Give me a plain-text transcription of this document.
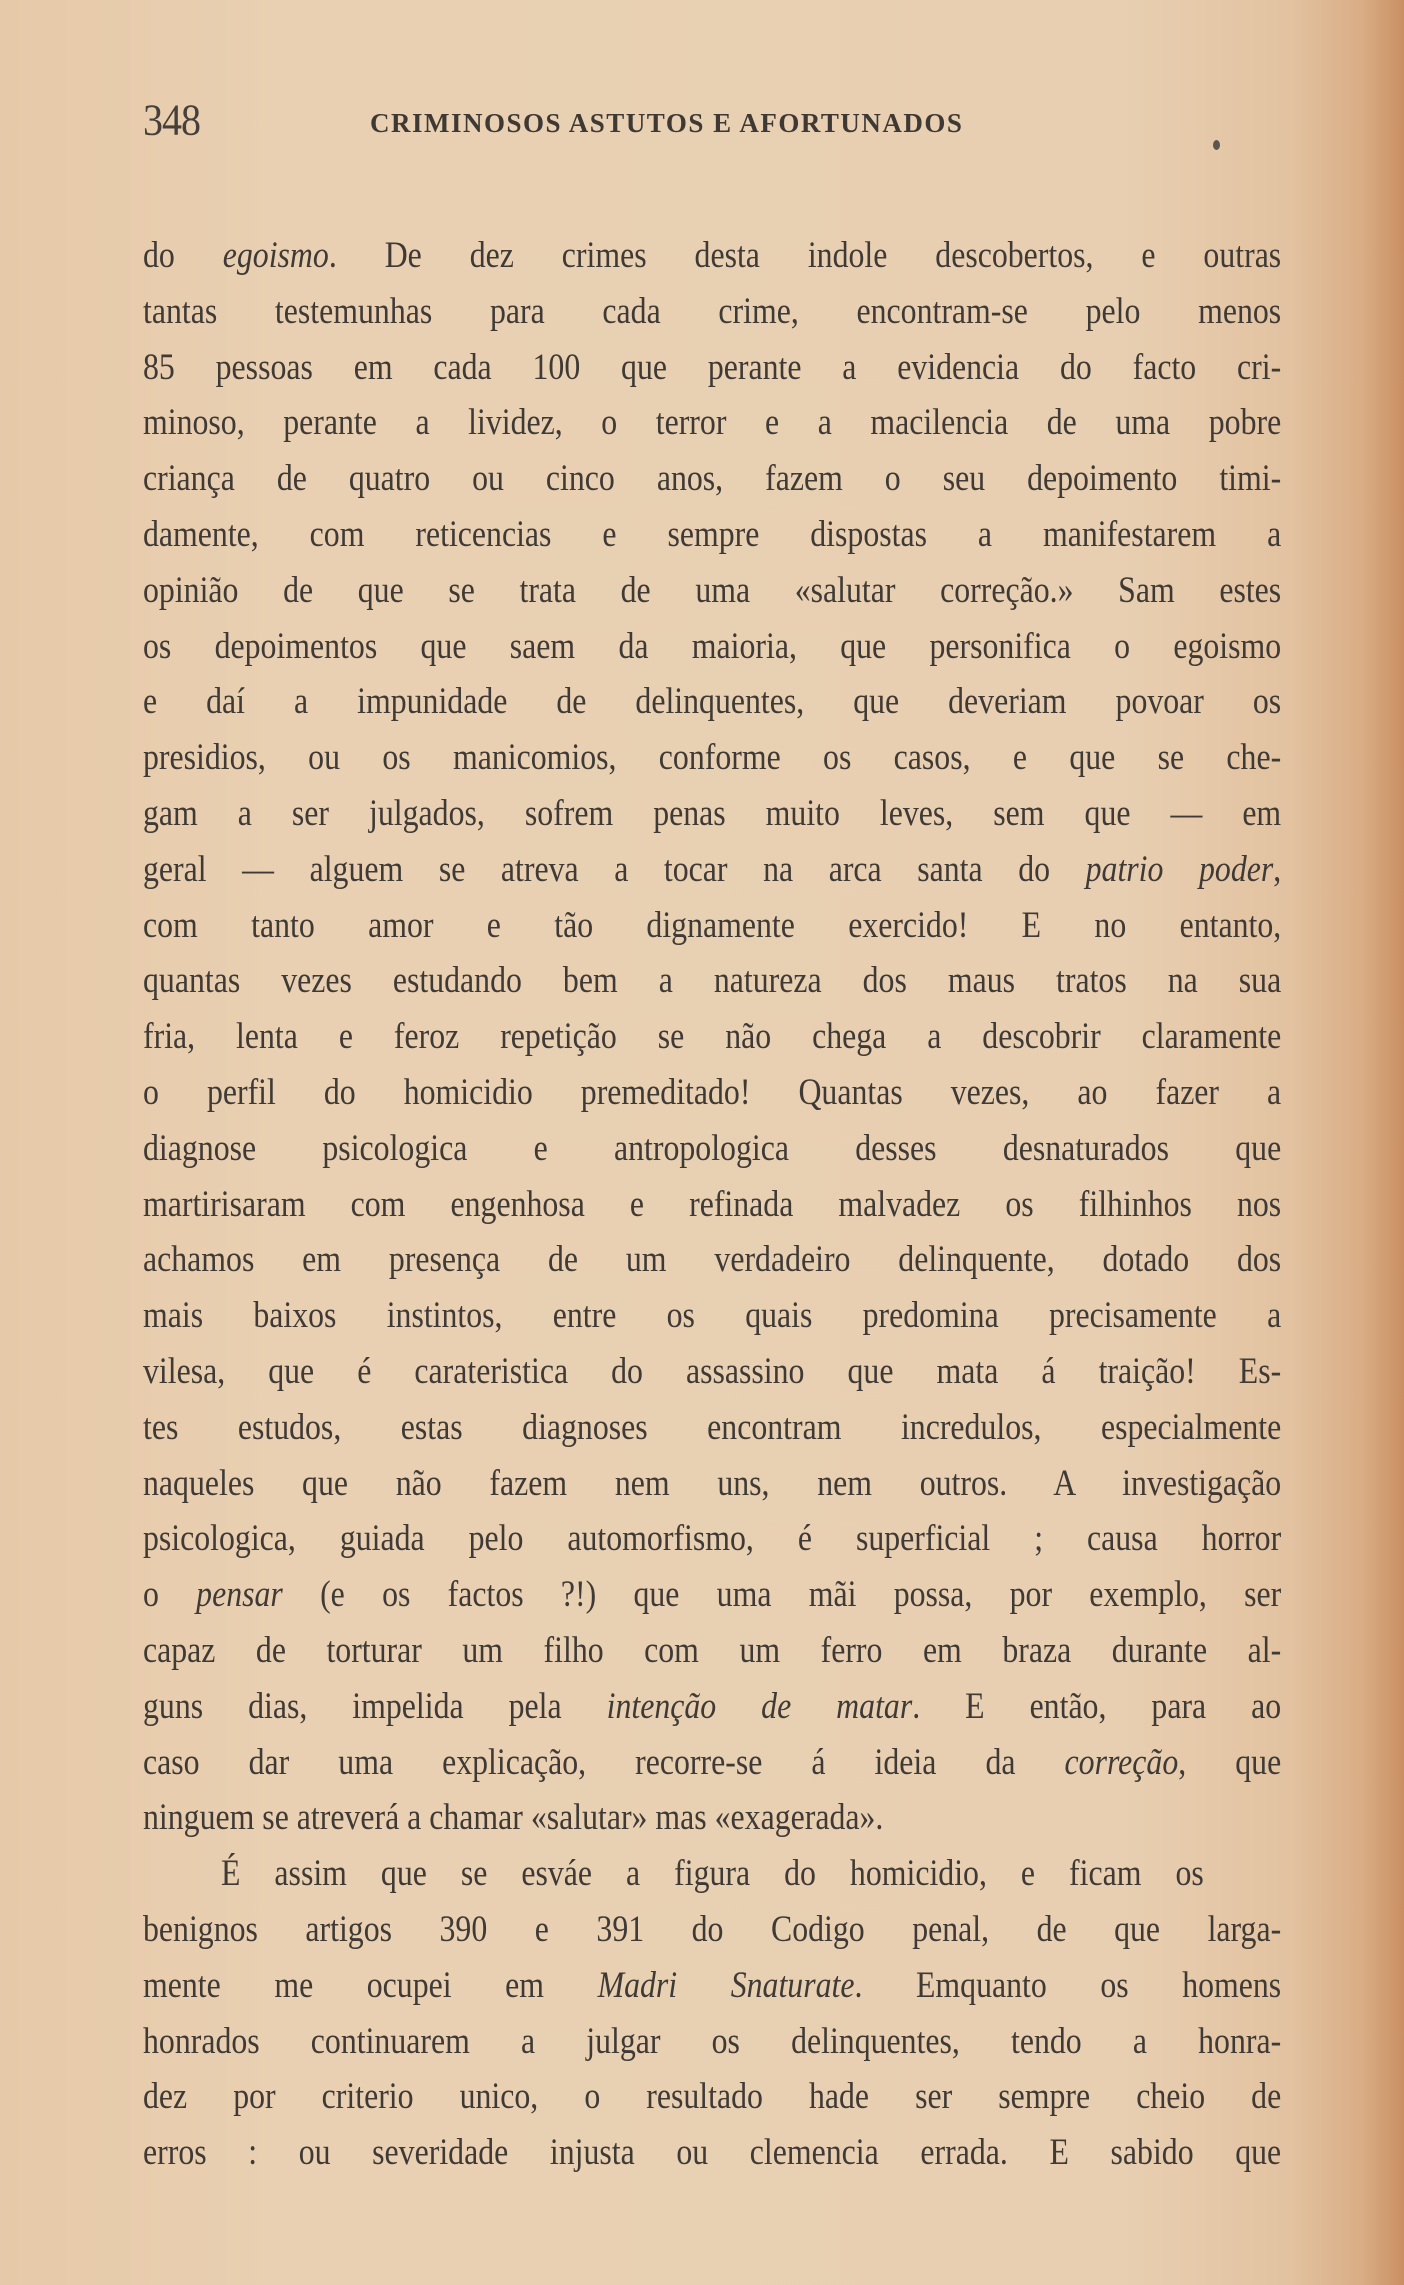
348	CRIMINOSOS ASTUTOS E AFORTUNADOS
do egoismo. De dez crimes desta indole descobertos, e outras
tantas testemunhas para cada crime, encontram-se pelo menos
85 pessoas em cada 100 que perante a evidencia do facto cri-
minoso, perante a lividez, o terror e a macilencia de uma pobre
criança de quatro ou cinco anos, fazem o seu depoimento timi-
damente, com reticencias e sempre dispostas a manifestarem a
opinião de que se trata de uma «salutar correção.» Sam estes
os depoimentos que saem da maioria, que personifica o egoismo
e daí a impunidade de delinquentes, que deveriam povoar os
presidios, ou os manicomios, conforme os casos, e que se che-
gam a ser julgados, sofrem penas muito leves, sem que — em
geral — alguem se atreva a tocar na arca santa do patrio poder,
com tanto amor e tão dignamente exercido! E no entanto,
quantas vezes estudando bem a natureza dos maus tratos na sua
fria, lenta e feroz repetição se não chega a descobrir claramente
o perfil do homicidio premeditado! Quantas vezes, ao fazer a
diagnose psicologica e antropologica desses desnaturados que
martirisaram com engenhosa e refinada malvadez os filhinhos nos
achamos em presença de um verdadeiro delinquente, dotado dos
mais baixos instintos, entre os quais predomina precisamente a
vilesa, que é carateristica do assassino que mata á traição! Es-
tes estudos, estas diagnoses encontram incredulos, especialmente
naqueles que não fazem nem uns, nem outros. A investigação
psicologica, guiada pelo automorfismo, é superficial ; causa horror
o pensar (e os factos ?!) que uma mãi possa, por exemplo, ser
capaz de torturar um filho com um ferro em braza durante al-
guns dias, impelida pela intenção de matar. E então, para ao
caso dar uma explicação, recorre-se á ideia da correção, que
ninguem se atreverá a chamar «salutar» mas «exagerada».
É assim que se esváe a figura do homicidio, e ficam os
benignos artigos 390 e 391 do Codigo penal, de que larga-
mente me ocupei em Madri Snaturate. Emquanto os homens
honrados continuarem a julgar os delinquentes, tendo a honra-
dez por criterio unico, o resultado hade ser sempre cheio de
erros : ou severidade injusta ou clemencia errada. E sabido que
